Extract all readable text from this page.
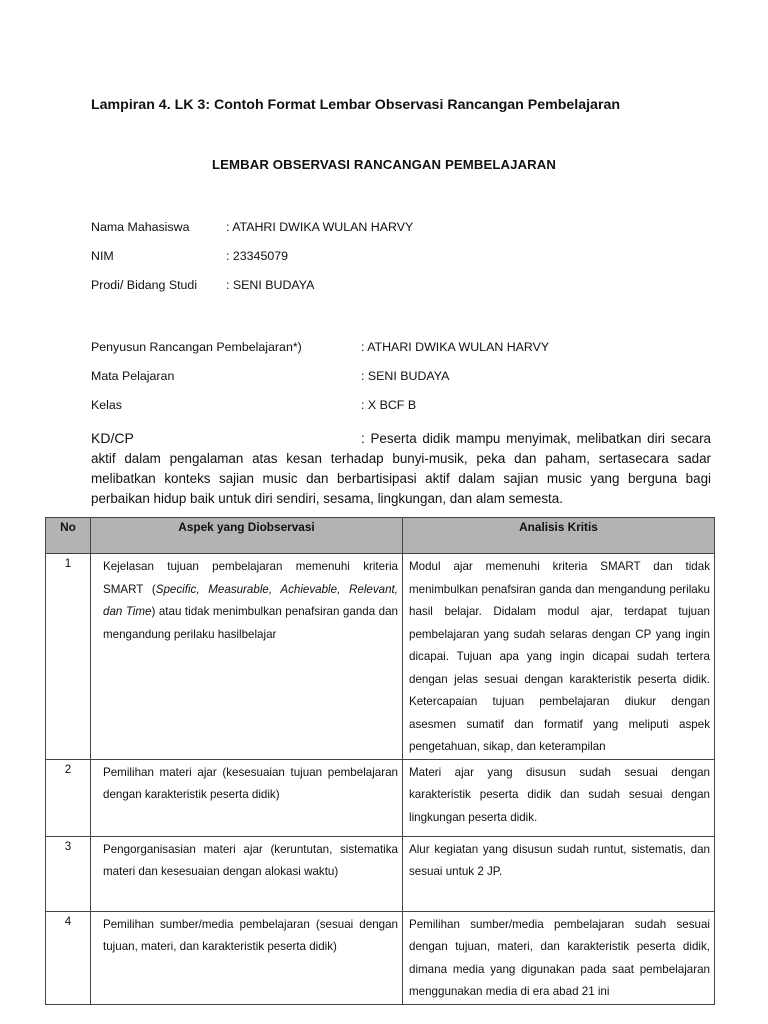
Lampiran 4. LK 3: Contoh Format Lembar Observasi Rancangan Pembelajaran
LEMBAR OBSERVASI RANCANGAN PEMBELAJARAN
Nama Mahasiswa	: ATAHRI DWIKA WULAN HARVY
NIM	: 23345079
Prodi/ Bidang Studi : SENI BUDAYA
Penyusun Rancangan Pembelajaran*)	: ATHARI DWIKA WULAN HARVY
Mata Pelajaran	: SENI BUDAYA
Kelas	: X BCF B
KD/CP	: Peserta didik mampu menyimak, melibatkan diri secara aktif dalam pengalaman atas kesan terhadap bunyi-musik, peka dan paham, sertasecara sadar melibatkan konteks sajian music dan berbartisipasi aktif dalam sajian music yang berguna bagi perbaikan hidup baik untuk diri sendiri, sesama, lingkungan, dan alam semesta.
No	Aspek yang Diobservasi	Analisis Kritis
1	Kejelasan tujuan pembelajaran memenuhi kriteria SMART (Specific, Measurable, Achievable, Relevant, dan Time) atau tidak menimbulkan penafsiran ganda dan mengandung perilaku hasilbelajar	Modul ajar memenuhi kriteria SMART dan tidak menimbulkan penafsiran ganda dan mengandung perilaku hasil belajar. Didalam modul ajar, terdapat tujuan pembelajaran yang sudah selaras dengan CP yang ingin dicapai. Tujuan apa yang ingin dicapai sudah tertera dengan jelas sesuai dengan karakteristik peserta didik. Ketercapaian tujuan pembelajaran diukur dengan asesmen sumatif dan formatif yang meliputi aspek pengetahuan, sikap, dan keterampilan
2	Pemilihan materi ajar (kesesuaian tujuan pembelajaran dengan karakteristik peserta didik)	Materi ajar yang disusun sudah sesuai dengan karakteristik peserta didik dan sudah sesuai dengan lingkungan peserta didik.
3	Pengorganisasian materi ajar (keruntutan, sistematika materi dan kesesuaian dengan alokasi waktu)	Alur kegiatan yang disusun sudah runtut, sistematis, dan sesuai untuk 2 JP.
4	Pemilihan sumber/media pembelajaran (sesuai dengan tujuan, materi, dan karakteristik peserta didik)	Pemilihan sumber/media pembelajaran sudah sesuai dengan tujuan, materi, dan karakteristik peserta didik, dimana media yang digunakan pada saat pembelajaran menggunakan media di era abad 21 ini
